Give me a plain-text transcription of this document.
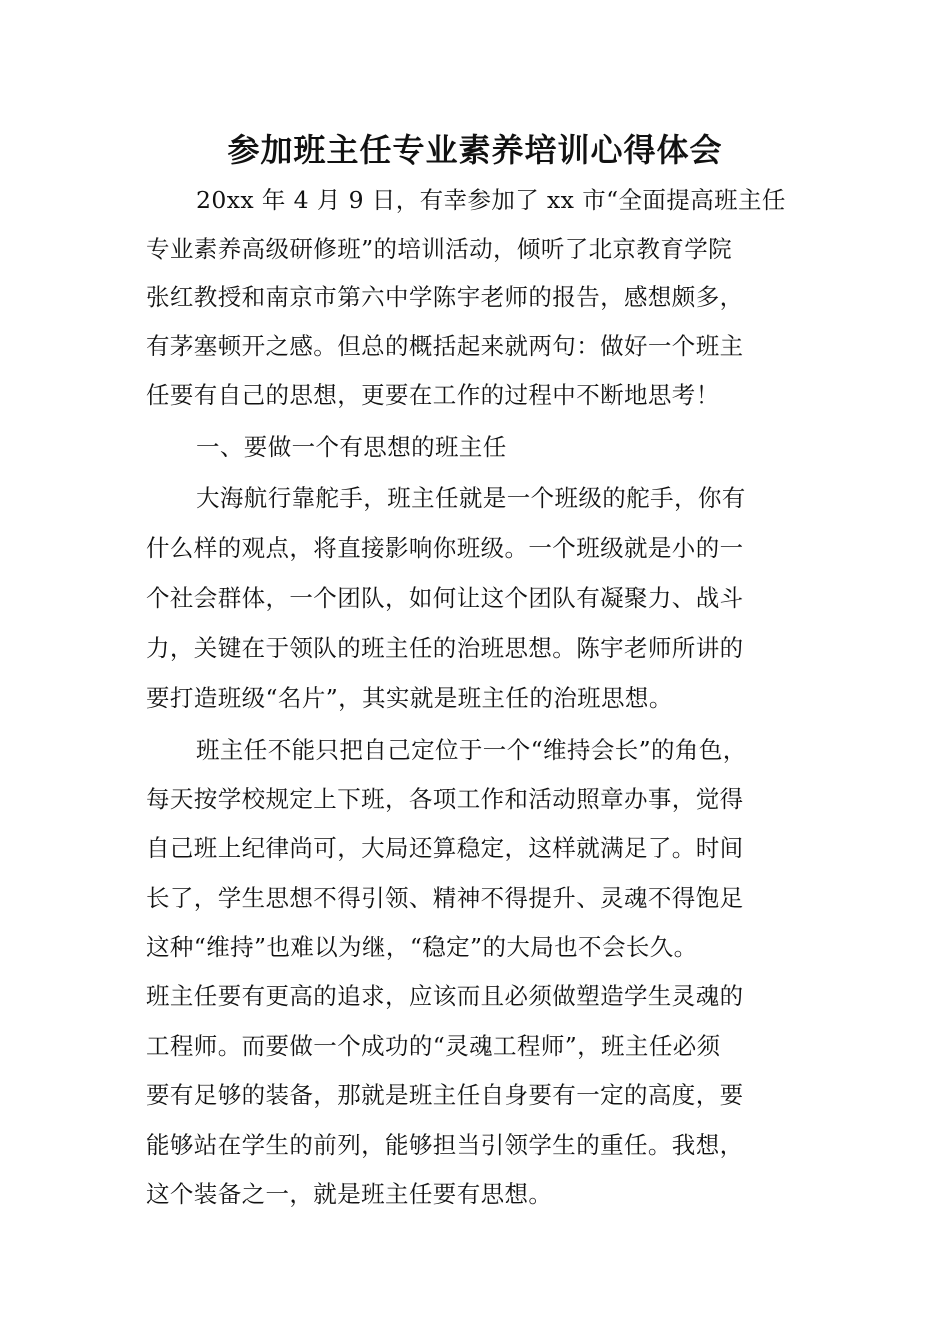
参加班主任专业素养培训心得体会

20xx 年 4 月 9 日，有幸参加了 xx 市“全面提高班主任

专业素养高级研修班”的培训活动，倾听了北京教育学院

张红教授和南京市第六中学陈宇老师的报告，感想颇多，

有茅塞顿开之感。但总的概括起来就两句：做好一个班主

任要有自己的思想，更要在工作的过程中不断地思考！

一、要做一个有思想的班主任

大海航行靠舵手，班主任就是一个班级的舵手，你有

什么样的观点，将直接影响你班级。一个班级就是小的一

个社会群体，一个团队，如何让这个团队有凝聚力、战斗

力，关键在于领队的班主任的治班思想。陈宇老师所讲的

要打造班级“名片”，其实就是班主任的治班思想。

班主任不能只把自己定位于一个“维持会长”的角色，

每天按学校规定上下班，各项工作和活动照章办事，觉得

自己班上纪律尚可，大局还算稳定，这样就满足了。时间

长了，学生思想不得引领、精神不得提升、灵魂不得饱足

这种“维持”也难以为继，“稳定”的大局也不会长久。

班主任要有更高的追求，应该而且必须做塑造学生灵魂的

工程师。而要做一个成功的“灵魂工程师”，班主任必须

要有足够的装备，那就是班主任自身要有一定的高度，要

能够站在学生的前列，能够担当引领学生的重任。我想，

这个装备之一，就是班主任要有思想。
